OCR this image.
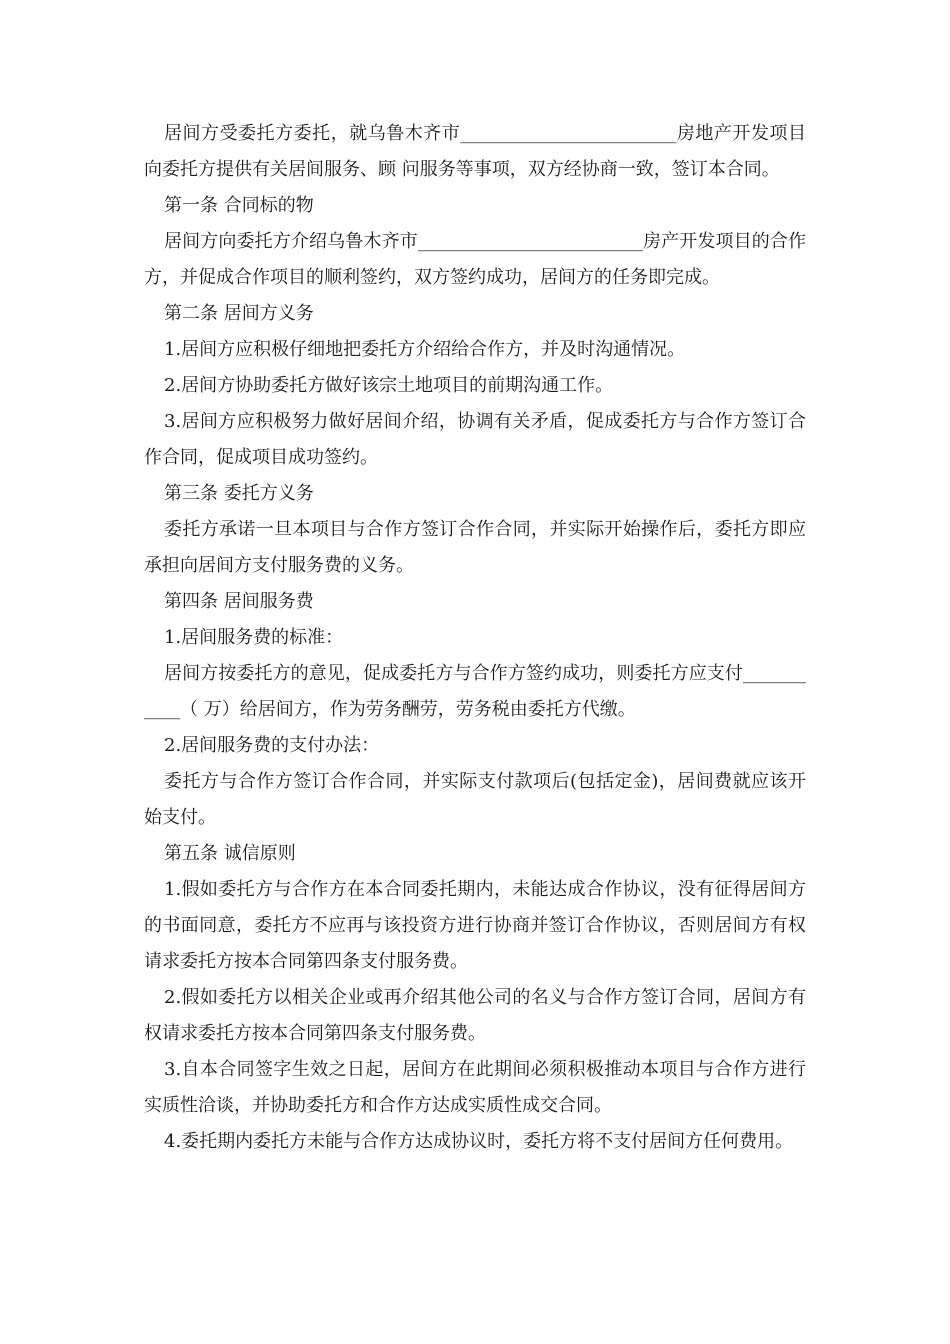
居间方受委托方委托，就乌鲁木齐市________________________房地产开发项目向委托方提供有关居间服务、顾 问服务等事项，双方经协商一致，签订本合同。

第一条 合同标的物

居间方向委托方介绍乌鲁木齐市_________________________房产开发项目的合作方，并促成合作项目的顺利签约，双方签约成功，居间方的任务即完成。

第二条 居间方义务

1.居间方应积极仔细地把委托方介绍给合作方，并及时沟通情况。

2.居间方协助委托方做好该宗土地项目的前期沟通工作。

3.居间方应积极努力做好居间介绍，协调有关矛盾，促成委托方与合作方签订合作合同，促成项目成功签约。

第三条 委托方义务

委托方承诺一旦本项目与合作方签订合作合同，并实际开始操作后，委托方即应承担向居间方支付服务费的义务。

第四条 居间服务费

1.居间服务费的标准：

居间方按委托方的意见，促成委托方与合作方签约成功，则委托方应支付___________（ 万）给居间方，作为劳务酬劳，劳务税由委托方代缴。

2.居间服务费的支付办法：

委托方与合作方签订合作合同，并实际支付款项后(包括定金)，居间费就应该开始支付。

第五条 诚信原则

1.假如委托方与合作方在本合同委托期内，未能达成合作协议，没有征得居间方的书面同意，委托方不应再与该投资方进行协商并签订合作协议，否则居间方有权请求委托方按本合同第四条支付服务费。

2.假如委托方以相关企业或再介绍其他公司的名义与合作方签订合同，居间方有权请求委托方按本合同第四条支付服务费。

3.自本合同签字生效之日起，居间方在此期间必须积极推动本项目与合作方进行实质性洽谈，并协助委托方和合作方达成实质性成交合同。

4.委托期内委托方未能与合作方达成协议时，委托方将不支付居间方任何费用。
